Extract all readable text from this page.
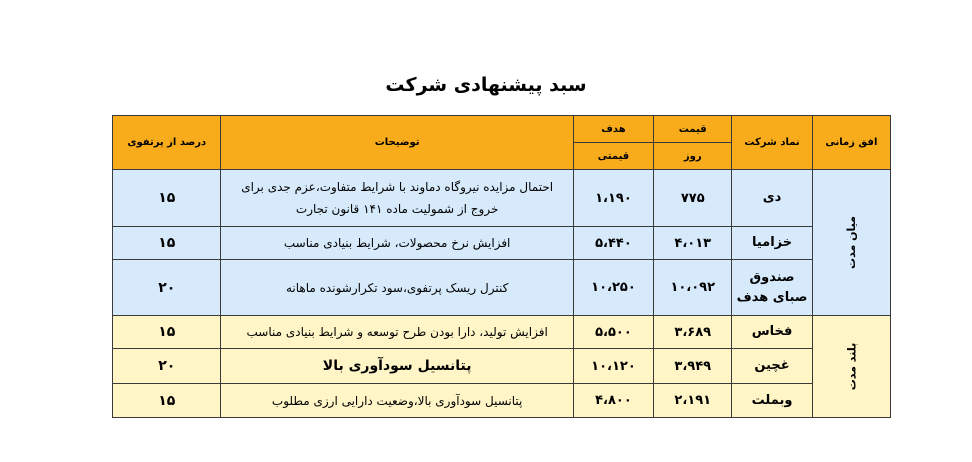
سبد پیشنهادی شرکت
افق زمانی	نماد شرکت	قیمت	هدف	توضیحات	درصد از پرتفوی
		روز	قیمتی		
میان مدت	دی	۷۷۵	۱،۱۹۰	احتمال مزایده نیروگاه دماوند با شرایط متفاوت،عزم جدی برای خروج از شمولیت ماده ۱۴۱ قانون تجارت	۱۵
	خزامیا	۴،۰۱۳	۵،۴۴۰	افزایش نرخ محصولات، شرایط بنیادی مناسب	۱۵
	صندوق صبای هدف	۱۰،۰۹۲	۱۰،۲۵۰	کنترل ریسک پرتفوی،سود تکرارشونده ماهانه	۲۰
بلند مدت	فخاس	۳،۶۸۹	۵،۵۰۰	افزایش تولید، دارا بودن طرح توسعه و شرایط بنیادی مناسب	۱۵
	غچین	۳،۹۴۹	۱۰،۱۲۰	پتانسیل سودآوری بالا	۲۰
	وبملت	۲،۱۹۱	۴،۸۰۰	پتانسیل سودآوری بالا،وضعیت دارایی ارزی مطلوب	۱۵
